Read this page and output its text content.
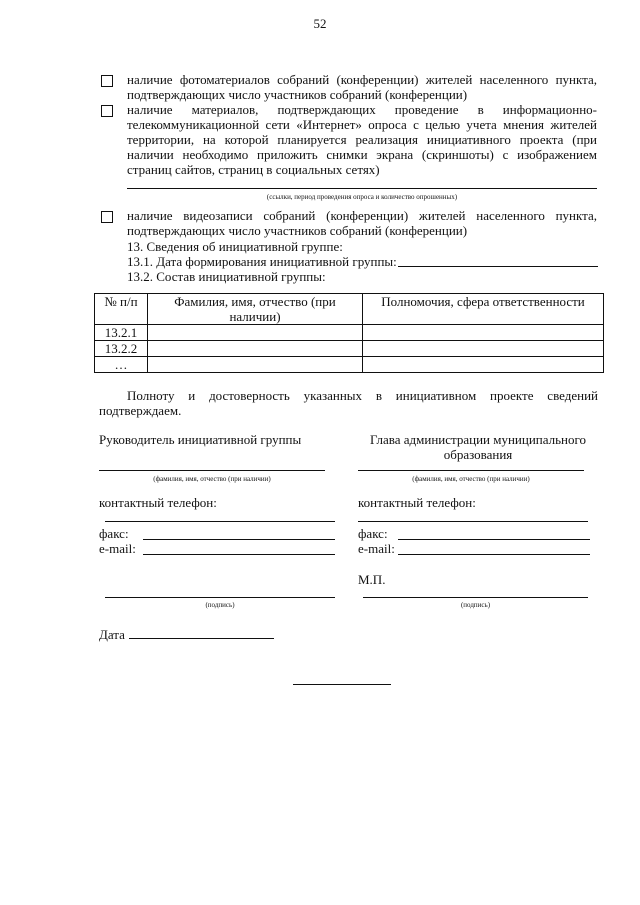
52
наличие фотоматериалов собраний (конференции) жителей населенного пункта, подтверждающих число участников собраний (конференции)
наличие материалов, подтверждающих проведение в информационно-телекоммуникационной сети «Интернет» опроса с целью учета мнения жителей территории, на которой планируется реализация инициативного проекта (при наличии необходимо приложить снимки экрана (скриншоты) с изображением страниц сайтов, страниц в социальных сетях)
(ссылки, период проведения опроса и количество опрошенных)
наличие видеозаписи собраний (конференции) жителей населенного пункта, подтверждающих число участников собраний (конференции)
13. Сведения об инициативной группе:
13.1. Дата формирования инициативной группы:
13.2. Состав инициативной группы:
№ п/п	Фамилия, имя, отчество (при наличии)	Полномочия, сфера ответственности
13.2.1		
13.2.2		
…		
Полноту и достоверность указанных в инициативном проекте сведений подтверждаем.
Руководитель инициативной группы
(фамилия, имя, отчество (при наличии)
контактный телефон:
факс:
e-mail:
(подпись)
Глава администрации муниципального образования
(фамилия, имя, отчество (при наличии)
контактный телефон:
факс:
e-mail:
М.П.
(подпись)
Дата
